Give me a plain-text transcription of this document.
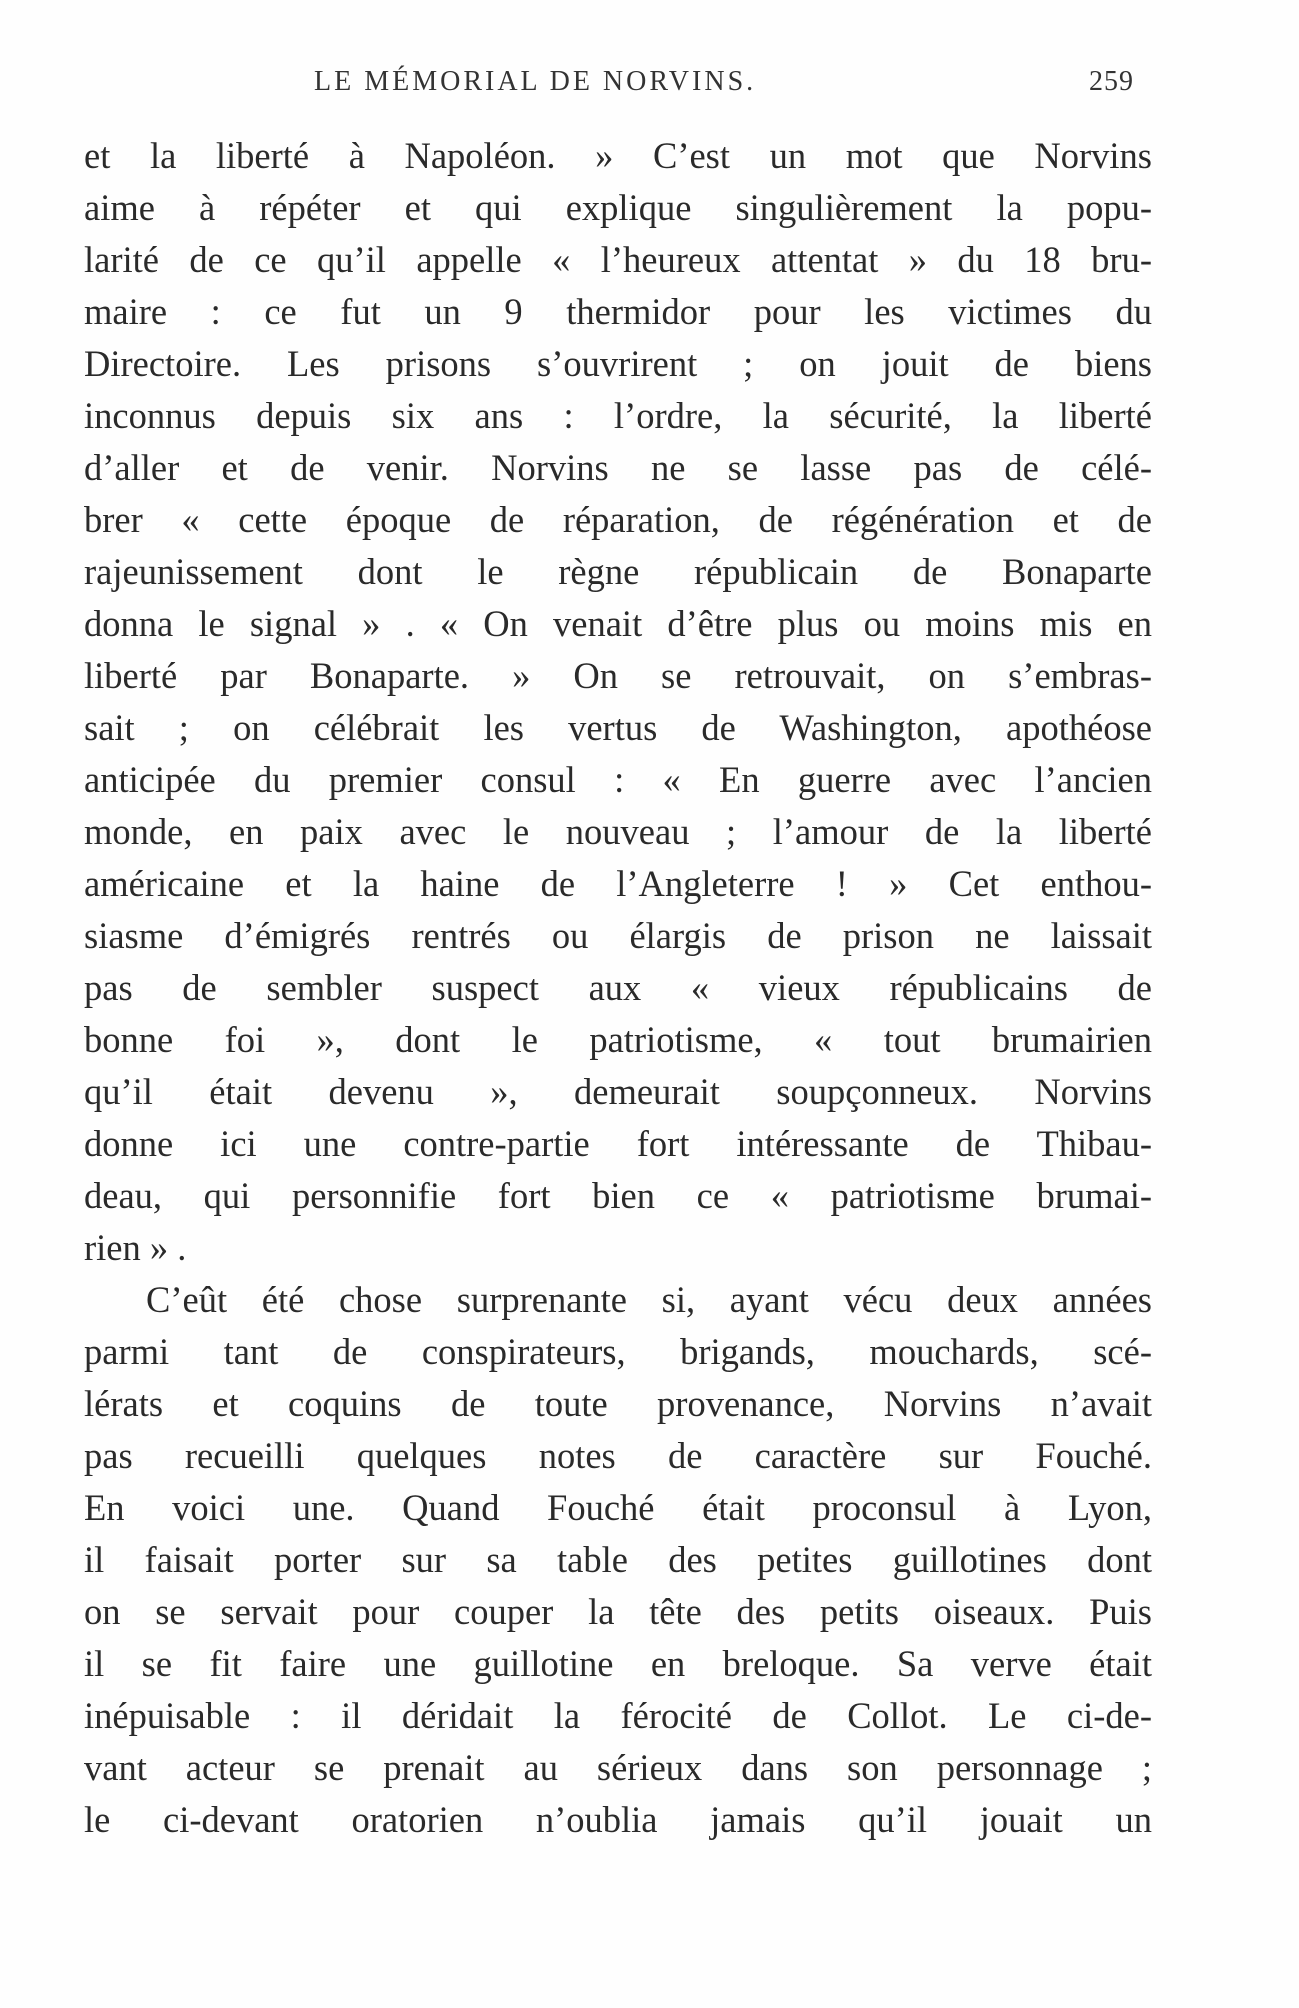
LE MÉMORIAL DE NORVINS.	259
et la liberté à Napoléon. » C’est un mot que Norvins
aime à répéter et qui explique singulièrement la popu-
larité de ce qu’il appelle « l’heureux attentat » du 18 bru-
maire : ce fut un 9 thermidor pour les victimes du
Directoire. Les prisons s’ouvrirent ; on jouit de biens
inconnus depuis six ans : l’ordre, la sécurité, la liberté
d’aller et de venir. Norvins ne se lasse pas de célé-
brer « cette époque de réparation, de régénération et de
rajeunissement dont le règne républicain de Bonaparte
donna le signal » . « On venait d’être plus ou moins mis en
liberté par Bonaparte. » On se retrouvait, on s’embras-
sait ; on célébrait les vertus de Washington, apothéose
anticipée du premier consul : « En guerre avec l’ancien
monde, en paix avec le nouveau ; l’amour de la liberté
américaine et la haine de l’Angleterre ! » Cet enthou-
siasme d’émigrés rentrés ou élargis de prison ne laissait
pas de sembler suspect aux « vieux républicains de
bonne foi », dont le patriotisme, « tout brumairien
qu’il était devenu », demeurait soupçonneux. Norvins
donne ici une contre-partie fort intéressante de Thibau-
deau, qui personnifie fort bien ce « patriotisme brumai-
rien » .
C’eût été chose surprenante si, ayant vécu deux années
parmi tant de conspirateurs, brigands, mouchards, scé-
lérats et coquins de toute provenance, Norvins n’avait
pas recueilli quelques notes de caractère sur Fouché.
En voici une. Quand Fouché était proconsul à Lyon,
il faisait porter sur sa table des petites guillotines dont
on se servait pour couper la tête des petits oiseaux. Puis
il se fit faire une guillotine en breloque. Sa verve était
inépuisable : il déridait la férocité de Collot. Le ci-de-
vant acteur se prenait au sérieux dans son personnage ;
le ci-devant oratorien n’oublia jamais qu’il jouait un
